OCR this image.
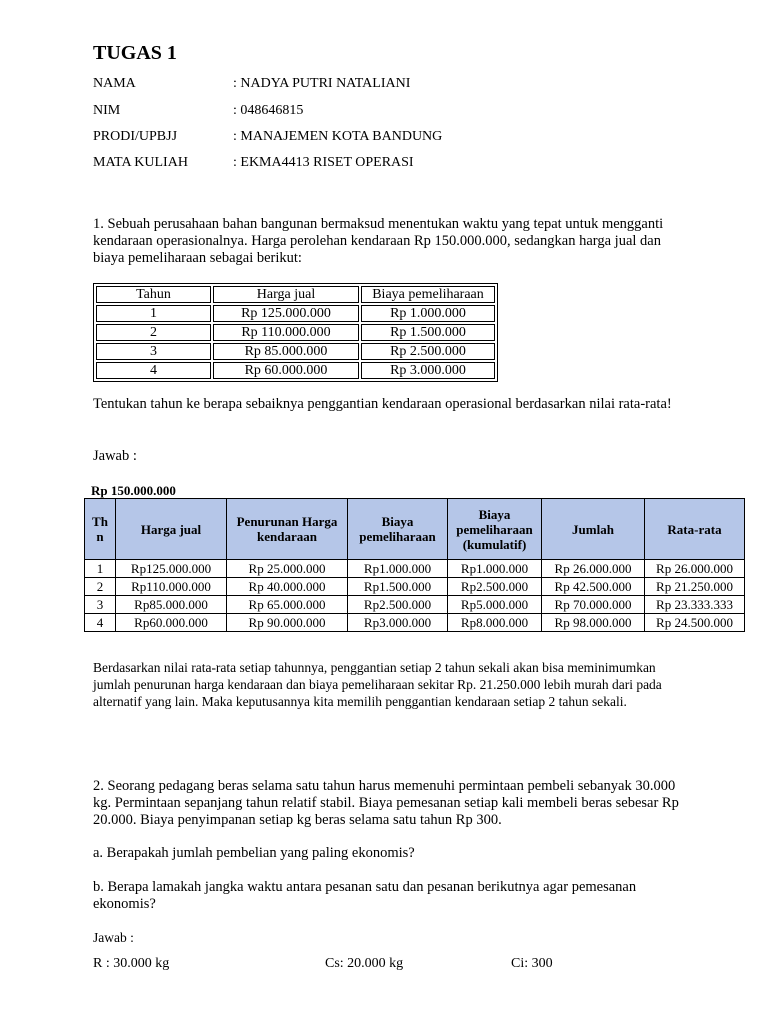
TUGAS 1
NAMA	: NADYA PUTRI NATALIANI
NIM	: 048646815
PRODI/UPBJJ	: MANAJEMEN KOTA BANDUNG
MATA KULIAH	: EKMA4413 RISET OPERASI
1. Sebuah perusahaan bahan bangunan bermaksud menentukan waktu yang tepat untuk mengganti kendaraan operasionalnya. Harga perolehan kendaraan Rp 150.000.000, sedangkan harga jual dan biaya pemeliharaan sebagai berikut:
Tahun	Harga jual	Biaya pemeliharaan
1	Rp 125.000.000	Rp 1.000.000
2	Rp 110.000.000	Rp 1.500.000
3	Rp 85.000.000	Rp 2.500.000
4	Rp 60.000.000	Rp 3.000.000
Tentukan tahun ke berapa sebaiknya penggantian kendaraan operasional berdasarkan nilai rata-rata!
Jawab :
Rp 150.000.000
Th n	Harga jual	Penurunan Harga kendaraan	Biaya pemeliharaan	Biaya pemeliharaan (kumulatif)	Jumlah	Rata-rata
1	Rp125.000.000	Rp 25.000.000	Rp1.000.000	Rp1.000.000	Rp 26.000.000	Rp 26.000.000
2	Rp110.000.000	Rp 40.000.000	Rp1.500.000	Rp2.500.000	Rp 42.500.000	Rp 21.250.000
3	Rp85.000.000	Rp 65.000.000	Rp2.500.000	Rp5.000.000	Rp 70.000.000	Rp 23.333.333
4	Rp60.000.000	Rp 90.000.000	Rp3.000.000	Rp8.000.000	Rp 98.000.000	Rp 24.500.000
Berdasarkan nilai rata-rata setiap tahunnya, penggantian setiap 2 tahun sekali akan bisa meminimumkan jumlah penurunan harga kendaraan dan biaya pemeliharaan sekitar Rp. 21.250.000 lebih murah dari pada alternatif yang lain. Maka keputusannya kita memilih penggantian kendaraan setiap 2 tahun sekali.
2. Seorang pedagang beras selama satu tahun harus memenuhi permintaan pembeli sebanyak 30.000 kg. Permintaan sepanjang tahun relatif stabil. Biaya pemesanan setiap kali membeli beras sebesar Rp 20.000. Biaya penyimpanan setiap kg beras selama satu tahun Rp 300.
a. Berapakah jumlah pembelian yang paling ekonomis?
b. Berapa lamakah jangka waktu antara pesanan satu dan pesanan berikutnya agar pemesanan ekonomis?
Jawab :
R : 30.000 kg	Cs: 20.000 kg	Ci: 300
